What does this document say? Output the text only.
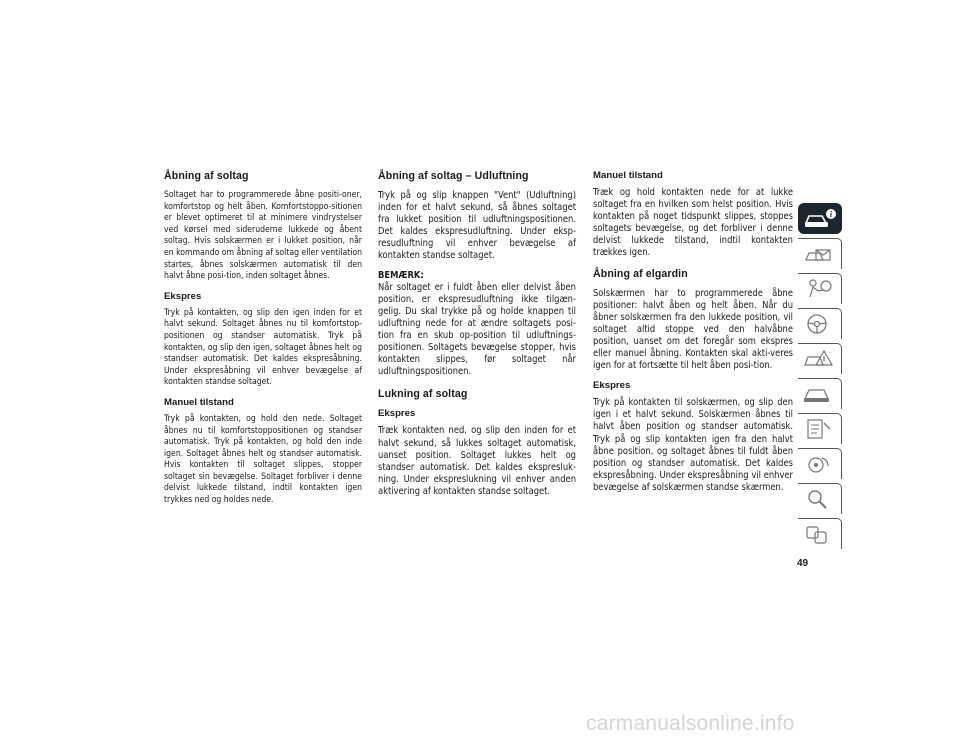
Åbning af soltag

Soltaget har to programmerede åbne positi-oner, komfortstop og helt åben. Komfortstoppo-sitionen er blevet optimeret til at minimere vindrystelser ved kørsel med sideruderne lukkede og åbent soltag. Hvis solskærmen er i lukket position, når en kommando om åbning af soltag eller ventilation startes, åbnes solskærmen automatisk til den halvt åbne posi-tion, inden soltaget åbnes.

Ekspres

Tryk på kontakten, og slip den igen inden for et halvt sekund. Soltaget åbnes nu til komfortstop-positionen og standser automatisk. Tryk på kontakten, og slip den igen, soltaget åbnes helt og standser automatisk. Det kaldes ekspresåbning. Under ekspresåbning vil enhver bevægelse af kontakten standse soltaget.

Manuel tilstand

Tryk på kontakten, og hold den nede. Soltaget åbnes nu til komfortstoppositionen og standser automatisk. Tryk på kontakten, og hold den inde igen. Soltaget åbnes helt og standser automatisk. Hvis kontakten til soltaget slippes, stopper soltaget sin bevægelse. Soltaget forbliver i denne delvist lukkede tilstand, indtil kontakten igen trykkes ned og holdes nede.

Åbning af soltag – Udluftning

Tryk på og slip knappen "Vent" (Udluftning) inden for et halvt sekund, så åbnes soltaget fra lukket position til udluftningspositionen. Det kaldes ekspresudluftning. Under eksp-resudluftning vil enhver bevægelse af kontakten standse soltaget.

BEMÆRK:

Når soltaget er i fuldt åben eller delvist åben position, er ekspresudluftning ikke tilgæn-gelig. Du skal trykke på og holde knappen til udluftning nede for at ændre soltagets posi-tion fra en skub op-position til udluftnings-positionen. Soltagets bevægelse stopper, hvis kontakten slippes, før soltaget når udluftningspositionen.

Lukning af soltag
Ekspres

Træk kontakten ned, og slip den inden for et halvt sekund, så lukkes soltaget automatisk, uanset position. Soltaget lukkes helt og standser automatisk. Det kaldes ekspresluk-ning. Under ekspreslukning vil enhver anden aktivering af kontakten standse soltaget.

Manuel tilstand

Træk og hold kontakten nede for at lukke soltaget fra en hvilken som helst position. Hvis kontakten på noget tidspunkt slippes, stoppes soltagets bevægelse, og det forbliver i denne delvist lukkede tilstand, indtil kontakten trækkes igen.

Åbning af elgardin

Solskærmen har to programmerede åbne positioner: halvt åben og helt åben. Når du åbner solskærmen fra den lukkede position, vil soltaget altid stoppe ved den halvåbne position, uanset om det foregår som ekspres eller manuel åbning. Kontakten skal akti-veres igen for at fortsætte til helt åben posi-tion.

Ekspres

Tryk på kontakten til solskærmen, og slip den igen i et halvt sekund. Solskærmen åbnes til halvt åben position og standser automatisk. Tryk på og slip kontakten igen fra den halvt åbne position, og soltaget åbnes til fuldt åben position og standser automatisk. Det kaldes ekspresåbning. Under ekspresåbning vil enhver bevægelse af solskærmen standse skærmen.

i
49
carmanualsonline.info
